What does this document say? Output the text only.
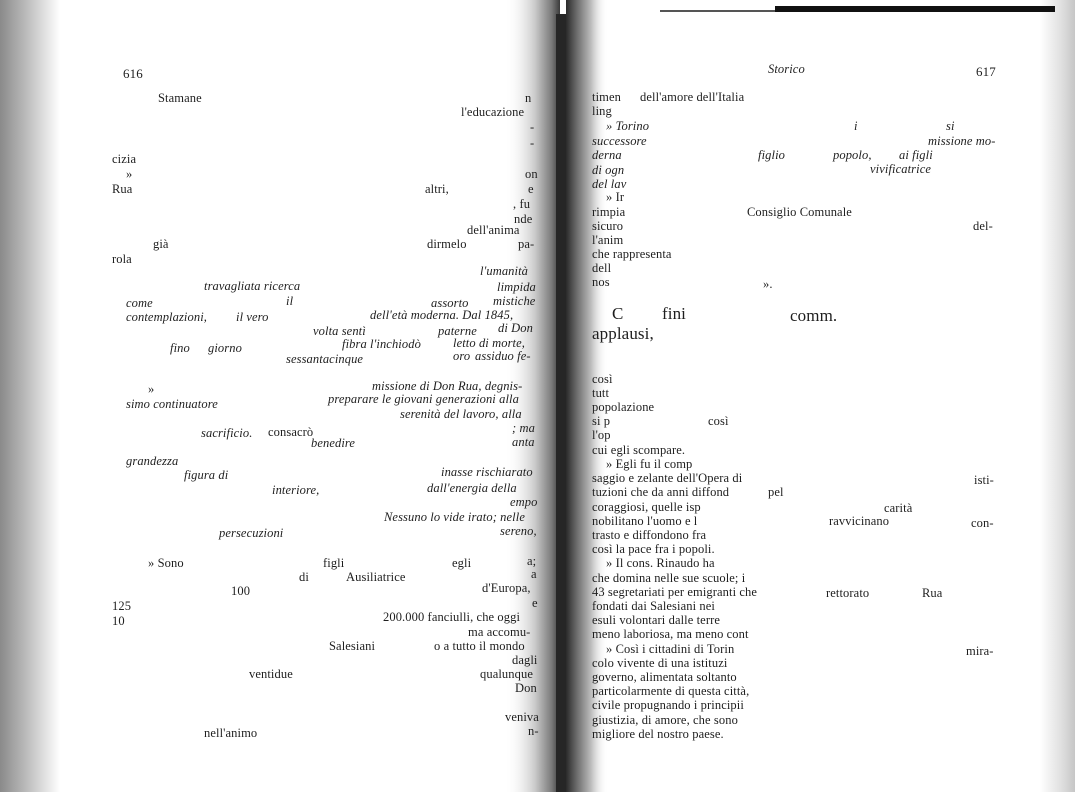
616
Stamane	n
l'educazione
-
-
cizia
»	on
Rua	altri,	e
, fu
nde
dell'anima
già	dirmelo	pa-
rola
l'umanità
travagliata ricerca	limpida
come	il	assorto mistiche
contemplazioni, il vero	dell'età moderna. Dal 1845,
volta sentì	paterne di Don
fino giorno	fibra l'inchiodò	letto di morte,
sessantacinque	oro assiduo fe-
»	missione di Don Rua, degnis-
simo continuatore	preparare le giovani generazioni alla
serenità del lavoro, alla
sacrificio. consacrò	; ma
benedire	anta
grandezza
figura di	inasse rischiarato
interiore,	dall'energia della
empo
Nessuno lo vide irato; nelle
persecuzioni	sereno,
» Sono	figli	egli	a;
di	Ausiliatrice	a
100	d'Europa,
e
125
10	200.000 fanciulli, che oggi
ma accomu-
Salesiani	o a tutto il mondo
dagli
ventidue	qualunque
Don
veniva
nell'animo	n-
Storico	617
timen dell'amore dell'Italia
ling
» Torino	i	si
successore	missione mo-
derna	figlio	popolo, ai figli
di ogn	vivificatrice
del lav
» Ir
rimpia	Consiglio Comunale
sicuro	del-
l'anim
che rappresenta
dell
nos	».
C fini	comm.
applausi,
così
tutt
popolazione
si p	così
l'op
cui egli scompare.
» Egli fu il comp
saggio e zelante dell'Opera di	isti-
tuzioni che da anni diffond	pel
coraggiosi, quelle isp	carità
nobilitano l'uomo e l	ravvicinano	con-
trasto e diffondono fra
così la pace fra i popoli.
» Il cons. Rinaudo ha
che domina nelle sue scuole; i
43 segretariati per emigranti che	rettorato	Rua
fondati dai Salesiani nei
esuli volontari dalle terre
meno laboriosa, ma meno cont
» Così i cittadini di Torin	mira-
colo vivente di una istituzi
governo, alimentata soltanto
particolarmente di questa città,
civile propugnando i principii
giustizia, di amore, che sono
migliore del nostro paese.
